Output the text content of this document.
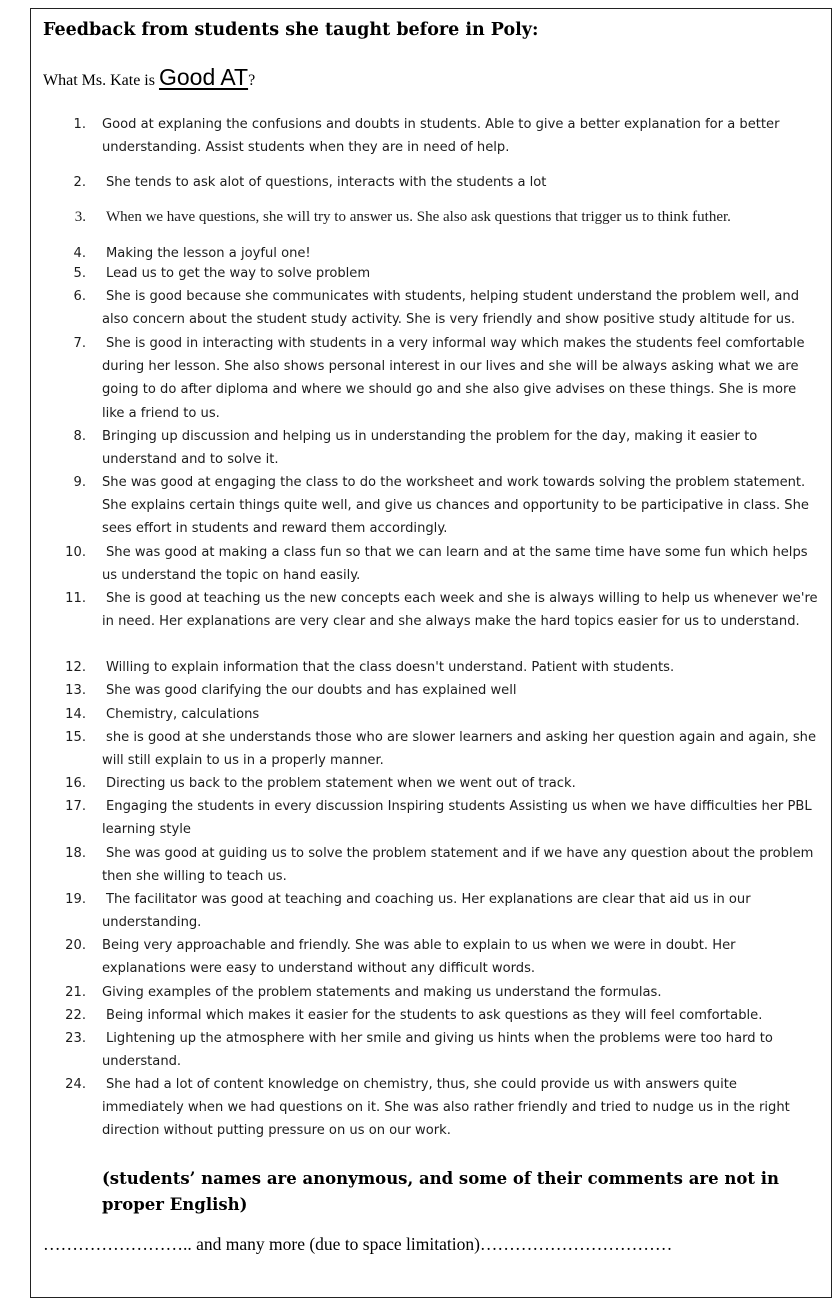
Feedback from students she taught before in Poly:
What Ms. Kate is Good AT?
1. Good at explaning the confusions and doubts in students. Able to give a better explanation for a better understanding. Assist students when they are in need of help.
2.	She tends to ask alot of questions, interacts with the students a lot
3. When we have questions, she will try to answer us. She also ask questions that trigger us to think futher.
4.	Making the lesson a joyful one!
5.	Lead us to get the way to solve problem
6.	She is good because she communicates with students, helping student understand the problem well, and also concern about the student study activity. She is very friendly and show positive study altitude for us.
7.	She is good in interacting with students in a very informal way which makes the students feel comfortable during her lesson. She also shows personal interest in our lives and she will be always asking what we are going to do after diploma and where we should go and she also give advises on these things. She is more like a friend to us.
8. Bringing up discussion and helping us in understanding the problem for the day, making it easier to understand and to solve it.
9. She was good at engaging the class to do the worksheet and work towards solving the problem statement. She explains certain things quite well, and give us chances and opportunity to be participative in class. She sees effort in students and reward them accordingly.
10.	She was good at making a class fun so that we can learn and at the same time have some fun which helps us understand the topic on hand easily.
11.	She is good at teaching us the new concepts each week and she is always willing to help us whenever we're in need. Her explanations are very clear and she always make the hard topics easier for us to understand.
12.	Willing to explain information that the class doesn't understand. Patient with students.
13.	She was good clarifying the our doubts and has explained well
14.	Chemistry, calculations
15.	she is good at she understands those who are slower learners and asking her question again and again, she will still explain to us in a properly manner.
16.	Directing us back to the problem statement when we went out of track.
17.	Engaging the students in every discussion Inspiring students Assisting us when we have difficulties her PBL learning style
18.	She was good at guiding us to solve the problem statement and if we have any question about the problem then she willing to teach us.
19.	The facilitator was good at teaching and coaching us. Her explanations are clear that aid us in our understanding.
20. Being very approachable and friendly. She was able to explain to us when we were in doubt. Her explanations were easy to understand without any difficult words.
21. Giving examples of the problem statements and making us understand the formulas.
22.	Being informal which makes it easier for the students to ask questions as they will feel comfortable.
23.	Lightening up the atmosphere with her smile and giving us hints when the problems were too hard to understand.
24.	She had a lot of content knowledge on chemistry, thus, she could provide us with answers quite immediately when we had questions on it. She was also rather friendly and tried to nudge us in the right direction without putting pressure on us on our work.
(students’ names are anonymous, and some of their comments are not in proper English)
…………………….. and many more (due to space limitation)……………………………
